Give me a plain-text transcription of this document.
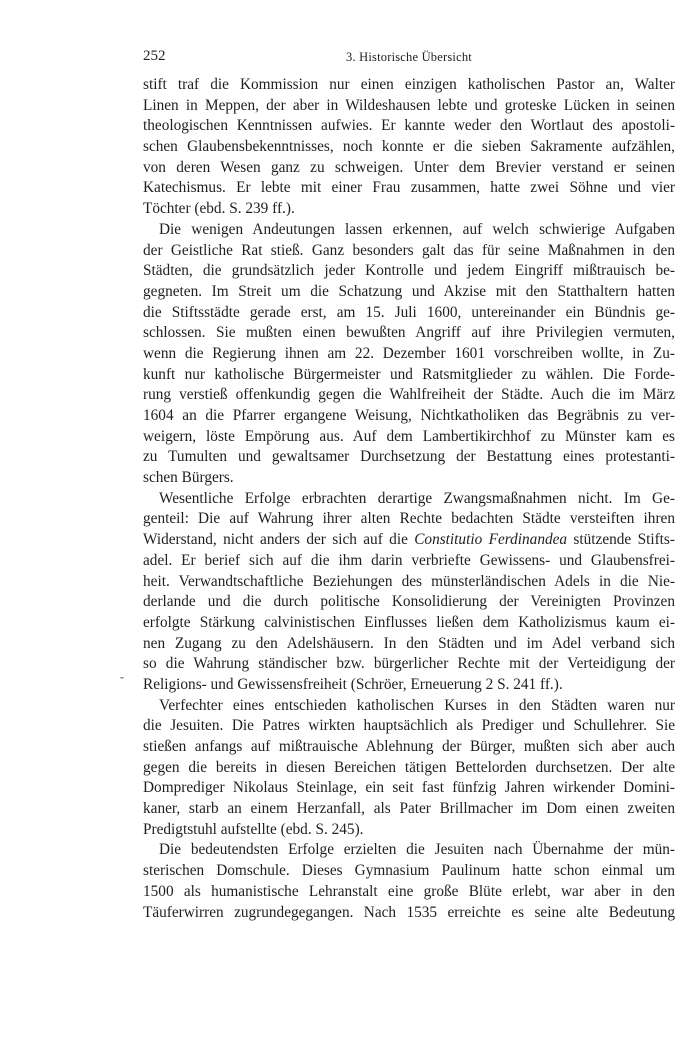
252	3. Historische Übersicht
˘
stift traf die Kommission nur einen einzigen katholischen Pastor an, Walter
Linen in Meppen, der aber in Wildeshausen lebte und groteske Lücken in seinen
theologischen Kenntnissen aufwies. Er kannte weder den Wortlaut des apostoli-
schen Glaubensbekenntnisses, noch konnte er die sieben Sakramente aufzählen,
von deren Wesen ganz zu schweigen. Unter dem Brevier verstand er seinen
Katechismus. Er lebte mit einer Frau zusammen, hatte zwei Söhne und vier
Töchter (ebd. S. 239 ff.).
Die wenigen Andeutungen lassen erkennen, auf welch schwierige Aufgaben
der Geistliche Rat stieß. Ganz besonders galt das für seine Maßnahmen in den
Städten, die grundsätzlich jeder Kontrolle und jedem Eingriff mißtrauisch be-
gegneten. Im Streit um die Schatzung und Akzise mit den Statthaltern hatten
die Stiftsstädte gerade erst, am 15. Juli 1600, untereinander ein Bündnis ge-
schlossen. Sie mußten einen bewußten Angriff auf ihre Privilegien vermuten,
wenn die Regierung ihnen am 22. Dezember 1601 vorschreiben wollte, in Zu-
kunft nur katholische Bürgermeister und Ratsmitglieder zu wählen. Die Forde-
rung verstieß offenkundig gegen die Wahlfreiheit der Städte. Auch die im März
1604 an die Pfarrer ergangene Weisung, Nichtkatholiken das Begräbnis zu ver-
weigern, löste Empörung aus. Auf dem Lambertikirchhof zu Münster kam es
zu Tumulten und gewaltsamer Durchsetzung der Bestattung eines protestanti-
schen Bürgers.
Wesentliche Erfolge erbrachten derartige Zwangsmaßnahmen nicht. Im Ge-
genteil: Die auf Wahrung ihrer alten Rechte bedachten Städte versteiften ihren
Widerstand, nicht anders der sich auf die Constitutio Ferdinandea stützende Stifts-
adel. Er berief sich auf die ihm darin verbriefte Gewissens- und Glaubensfrei-
heit. Verwandtschaftliche Beziehungen des münsterländischen Adels in die Nie-
derlande und die durch politische Konsolidierung der Vereinigten Provinzen
erfolgte Stärkung calvinistischen Einflusses ließen dem Katholizismus kaum ei-
nen Zugang zu den Adelshäusern. In den Städten und im Adel verband sich
so die Wahrung ständischer bzw. bürgerlicher Rechte mit der Verteidigung der
Religions- und Gewissensfreiheit (Schröer, Erneuerung 2 S. 241 ff.).
Verfechter eines entschieden katholischen Kurses in den Städten waren nur
die Jesuiten. Die Patres wirkten hauptsächlich als Prediger und Schullehrer. Sie
stießen anfangs auf mißtrauische Ablehnung der Bürger, mußten sich aber auch
gegen die bereits in diesen Bereichen tätigen Bettelorden durchsetzen. Der alte
Domprediger Nikolaus Steinlage, ein seit fast fünfzig Jahren wirkender Domini-
kaner, starb an einem Herzanfall, als Pater Brillmacher im Dom einen zweiten
Predigtstuhl aufstellte (ebd. S. 245).
Die bedeutendsten Erfolge erzielten die Jesuiten nach Übernahme der mün-
sterischen Domschule. Dieses Gymnasium Paulinum hatte schon einmal um
1500 als humanistische Lehranstalt eine große Blüte erlebt, war aber in den
Täuferwirren zugrundegegangen. Nach 1535 erreichte es seine alte Bedeutung
